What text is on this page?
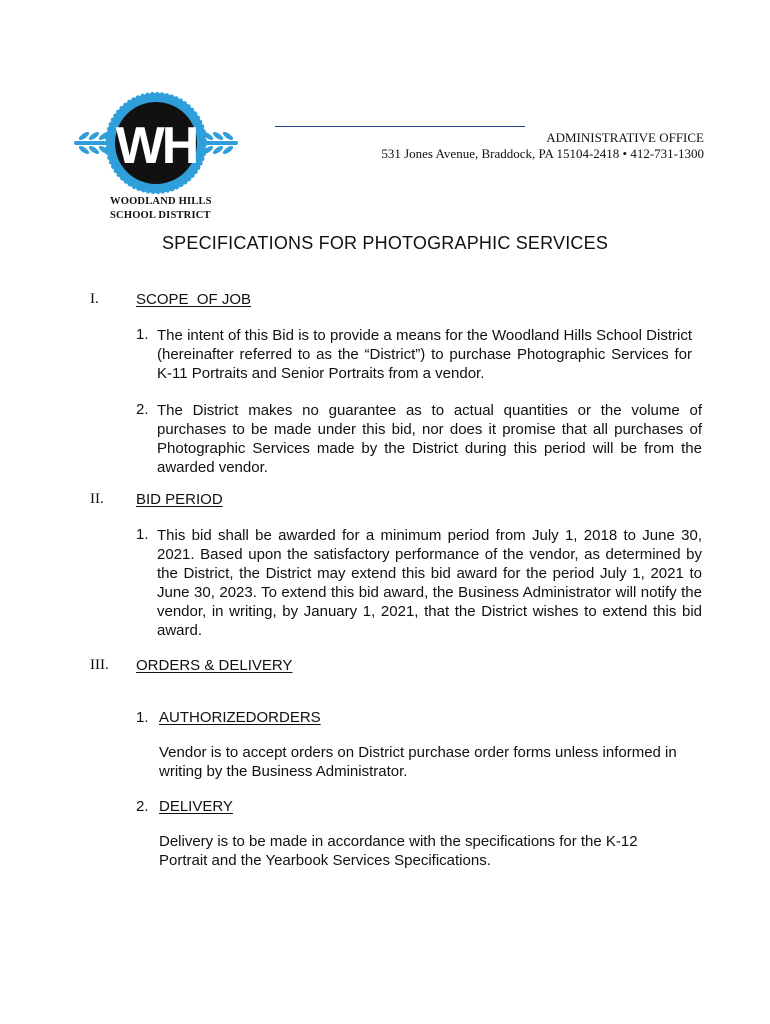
WH
WOODLAND HILLS
SCHOOL DISTRICT
ADMINISTRATIVE OFFICE
531 Jones Avenue, Braddock, PA 15104-2418 • 412-731-1300
SPECIFICATIONS FOR PHOTOGRAPHIC SERVICES
I. SCOPE  OF JOB
1. The intent of this Bid is to provide a means for the Woodland Hills School District (hereinafter referred to as the “District”) to purchase Photographic Services for K-11 Portraits and Senior Portraits from a vendor.
2. The District makes no guarantee as to actual quantities or the volume of purchases to be made under this bid, nor does it promise that all purchases of Photographic Services made by the District during this period will be from the awarded vendor.
II. BID PERIOD
1. This bid shall be awarded for a minimum period from July 1, 2018 to June 30, 2021. Based upon the satisfactory performance of the vendor, as determined by the District, the District may extend this bid award for the period July 1, 2021 to June 30, 2023. To extend this bid award, the Business Administrator will notify the vendor, in writing, by January 1, 2021, that the District wishes to extend this bid award.
III. ORDERS & DELIVERY
1. AUTHORIZEDORDERS
Vendor is to accept orders on District purchase order forms unless informed in writing by the Business Administrator.
2. DELIVERY
Delivery is to be made in accordance with the specifications for the K-12 Portrait and the Yearbook Services Specifications.
